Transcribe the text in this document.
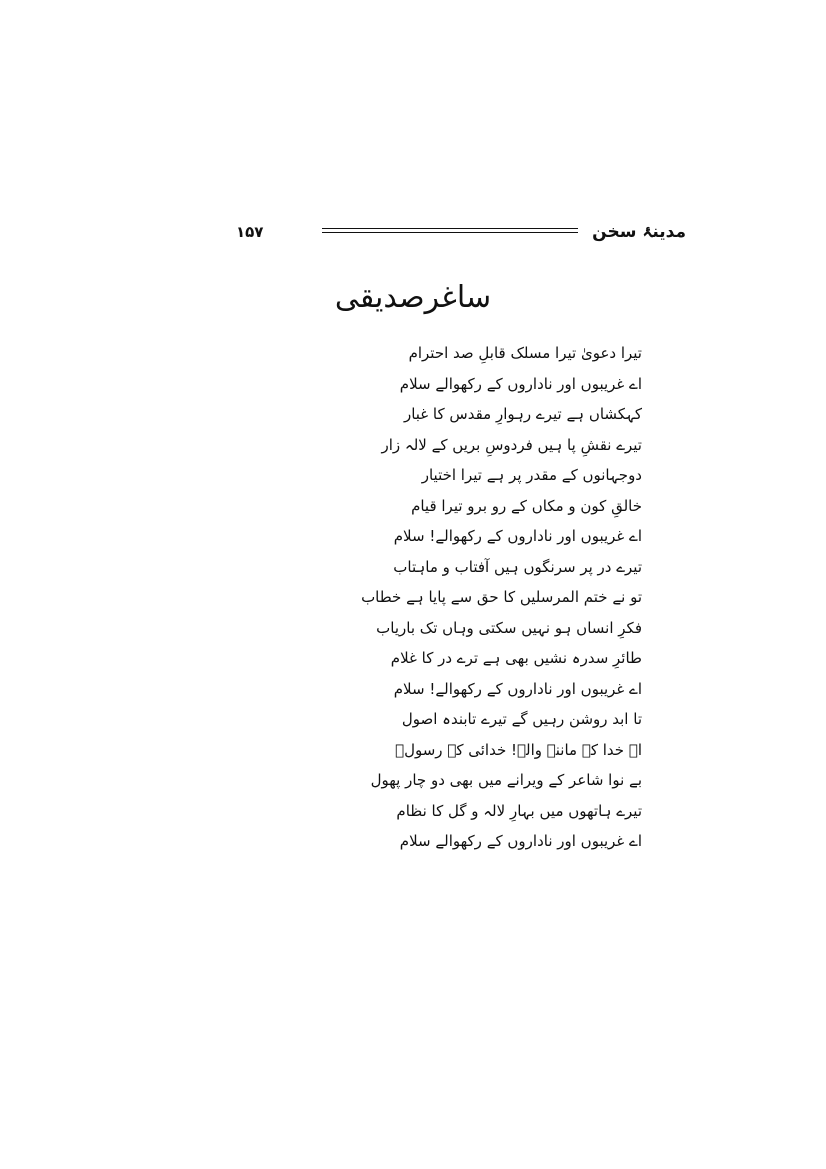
مدینۂ سخن
۱۵۷
ساغرصدیقی
تیرا دعویٰ تیرا مسلک قابلِ صد احترام
اے غریبوں اور ناداروں کے رکھوالے سلام
کہکشاں ہے تیرے رہوارِ مقدس کا غبار
تیرے نقشِ پا ہیں فردوسِ بریں کے لالہ زار
دوجہانوں کے مقدر پر ہے تیرا اختیار
خالقِ کون و مکاں کے رو برو تیرا قیام
اے غریبوں اور ناداروں کے رکھوالے! سلام
تیرے در پر سرنگوں ہیں آفتاب و ماہتاب
تو نے ختم المرسلیں کا حق سے پایا ہے خطاب
فکرِ انساں ہو نہیں سکتی وہاں تک باریاب
طائرِ سدرہ نشیں بھی ہے ترے در کا غلام
اے غریبوں اور ناداروں کے رکھوالے! سلام
تا ابد روشن رہیں گے تیرے تابندہ اصول
اے خدا کے ماننے والے! خدائی کے رسولؐ
بے نوا شاعر کے ویرانے میں بھی دو چار پھول
تیرے ہاتھوں میں بہارِ لالہ و گل کا نظام
اے غریبوں اور ناداروں کے رکھوالے سلام
